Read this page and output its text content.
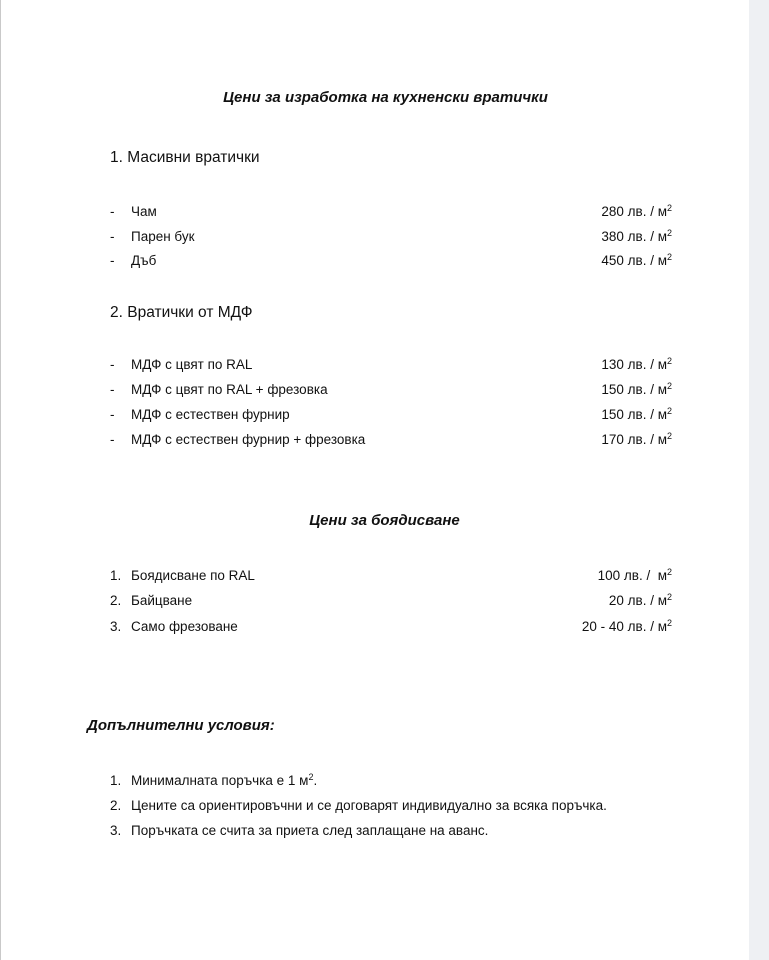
Цени за изработка на кухненски вратички
1. Масивни вратички
- Чам	280 лв. / $м^2$
- Парен бук	380 лв. / $м^2$
- Дъб	450 лв. / $м^2$
2. Вратички от МДФ
- МДФ с цвят по RAL	130 лв. / $м^2$
- МДФ с цвят по RAL + фрезовка	150 лв. / $м^2$
- МДФ с естествен фурнир	150 лв. / $м^2$
- МДФ с естествен фурнир + фрезовка	170 лв. / $м^2$
Цени за боядисване
1. Боядисване по RAL	100 лв. /  $м^2$
2. Байцване	20 лв. / $м^2$
3. Само фрезоване	20 - 40 лв. / $м^2$
Допълнителни условия:
1. Минималната поръчка е 1 $м^2$.
2. Цените са ориентировъчни и се договарят индивидуално за всяка поръчка.
3. Поръчката се счита за приета след заплащане на аванс.
